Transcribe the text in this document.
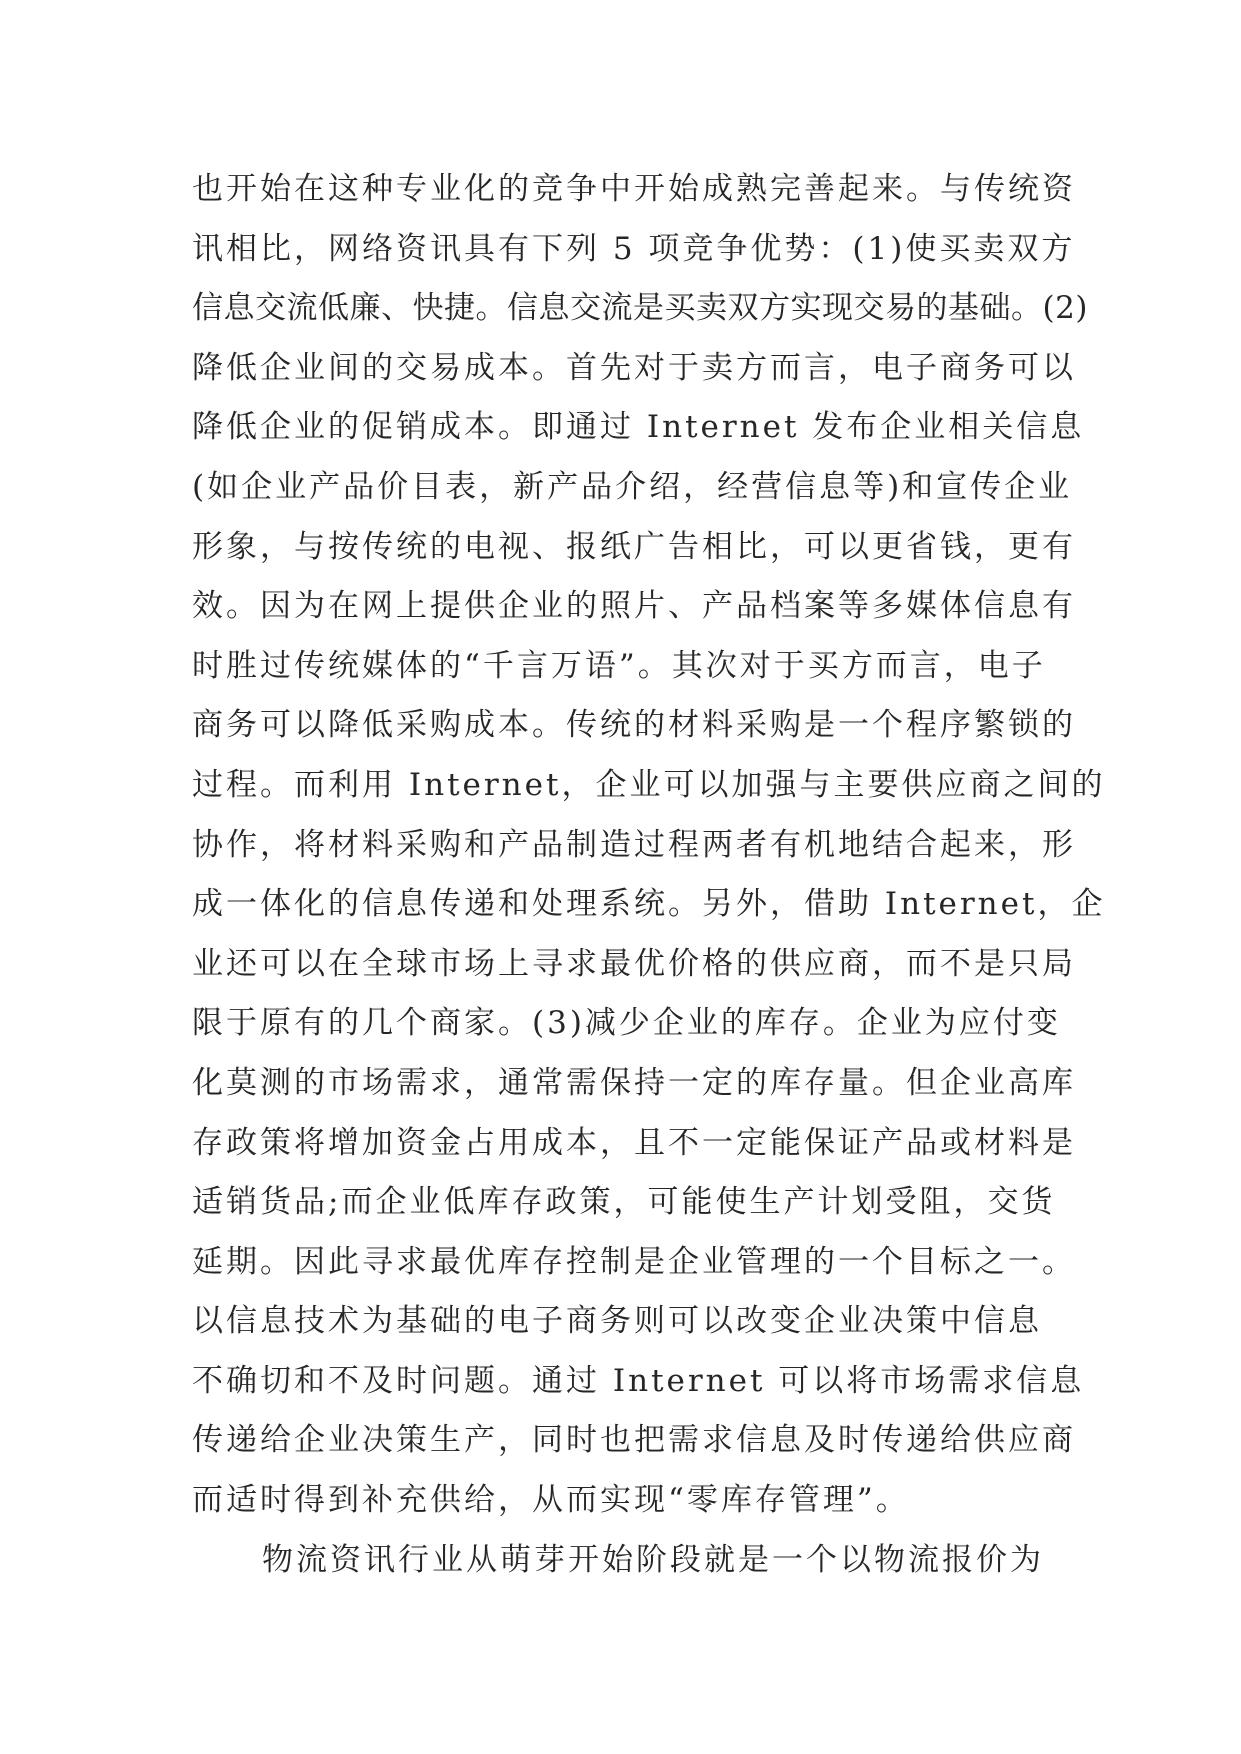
也开始在这种专业化的竞争中开始成熟完善起来。与传统资
讯相比，网络资讯具有下列 5 项竞争优势：(1)使买卖双方
信息交流低廉、快捷。信息交流是买卖双方实现交易的基础。(2)
降低企业间的交易成本。首先对于卖方而言，电子商务可以
降低企业的促销成本。即通过 Internet 发布企业相关信息
(如企业产品价目表，新产品介绍，经营信息等)和宣传企业
形象，与按传统的电视、报纸广告相比，可以更省钱，更有
效。因为在网上提供企业的照片、产品档案等多媒体信息有
时胜过传统媒体的“千言万语”。其次对于买方而言，电子
商务可以降低采购成本。传统的材料采购是一个程序繁锁的
过程。而利用 Internet，企业可以加强与主要供应商之间的
协作，将材料采购和产品制造过程两者有机地结合起来，形
成一体化的信息传递和处理系统。另外，借助 Internet，企
业还可以在全球市场上寻求最优价格的供应商，而不是只局
限于原有的几个商家。(3)减少企业的库存。企业为应付变
化莫测的市场需求，通常需保持一定的库存量。但企业高库
存政策将增加资金占用成本，且不一定能保证产品或材料是
适销货品;而企业低库存政策，可能使生产计划受阻，交货
延期。因此寻求最优库存控制是企业管理的一个目标之一。
以信息技术为基础的电子商务则可以改变企业决策中信息
不确切和不及时问题。通过 Internet 可以将市场需求信息
传递给企业决策生产，同时也把需求信息及时传递给供应商
而适时得到补充供给，从而实现“零库存管理”。
物流资讯行业从萌芽开始阶段就是一个以物流报价为
